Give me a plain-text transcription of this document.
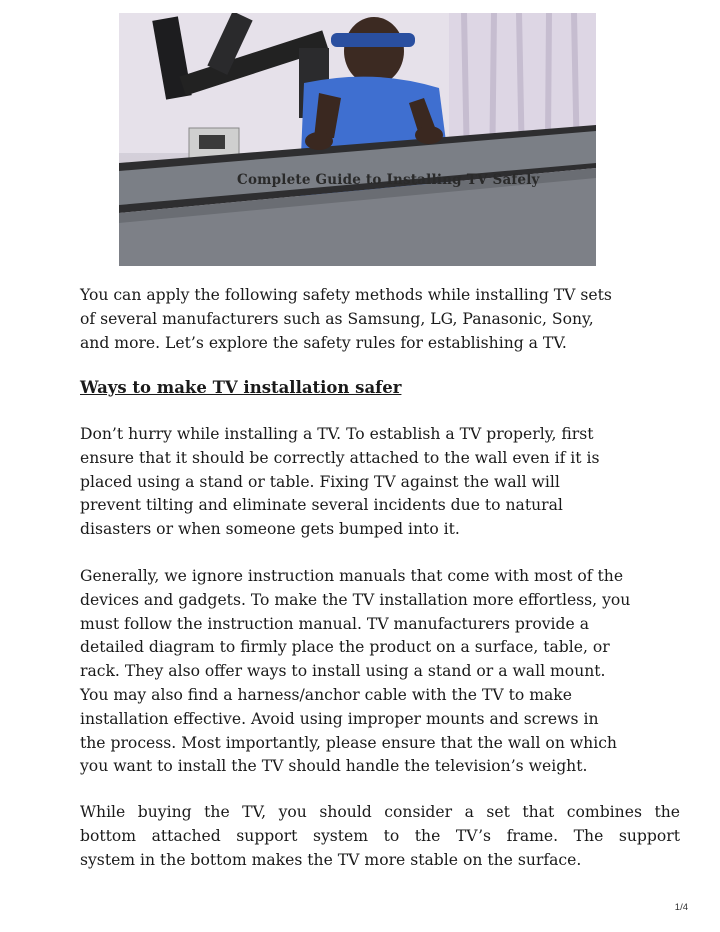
Complete Guide to Installing TV Safely
You can apply the following safety methods while installing TV sets
of several manufacturers such as Samsung, LG, Panasonic, Sony,
and more. Let’s explore the safety rules for establishing a TV.
Ways to make TV installation safer
Don’t hurry while installing a TV. To establish a TV properly, first
ensure that it should be correctly attached to the wall even if it is
placed using a stand or table. Fixing TV against the wall will
prevent tilting and eliminate several incidents due to natural
disasters or when someone gets bumped into it.
Generally, we ignore instruction manuals that come with most of the
devices and gadgets. To make the TV installation more effortless, you
must follow the instruction manual. TV manufacturers provide a
detailed diagram to firmly place the product on a surface, table, or
rack. They also offer ways to install using a stand or a wall mount.
You may also find a harness/anchor cable with the TV to make
installation effective. Avoid using improper mounts and screws in
the process. Most importantly, please ensure that the wall on which
you want to install the TV should handle the television’s weight.
While buying the TV, you should consider a set that combines the
bottom attached support system to the TV’s frame. The support
system in the bottom makes the TV more stable on the surface.
1/4
